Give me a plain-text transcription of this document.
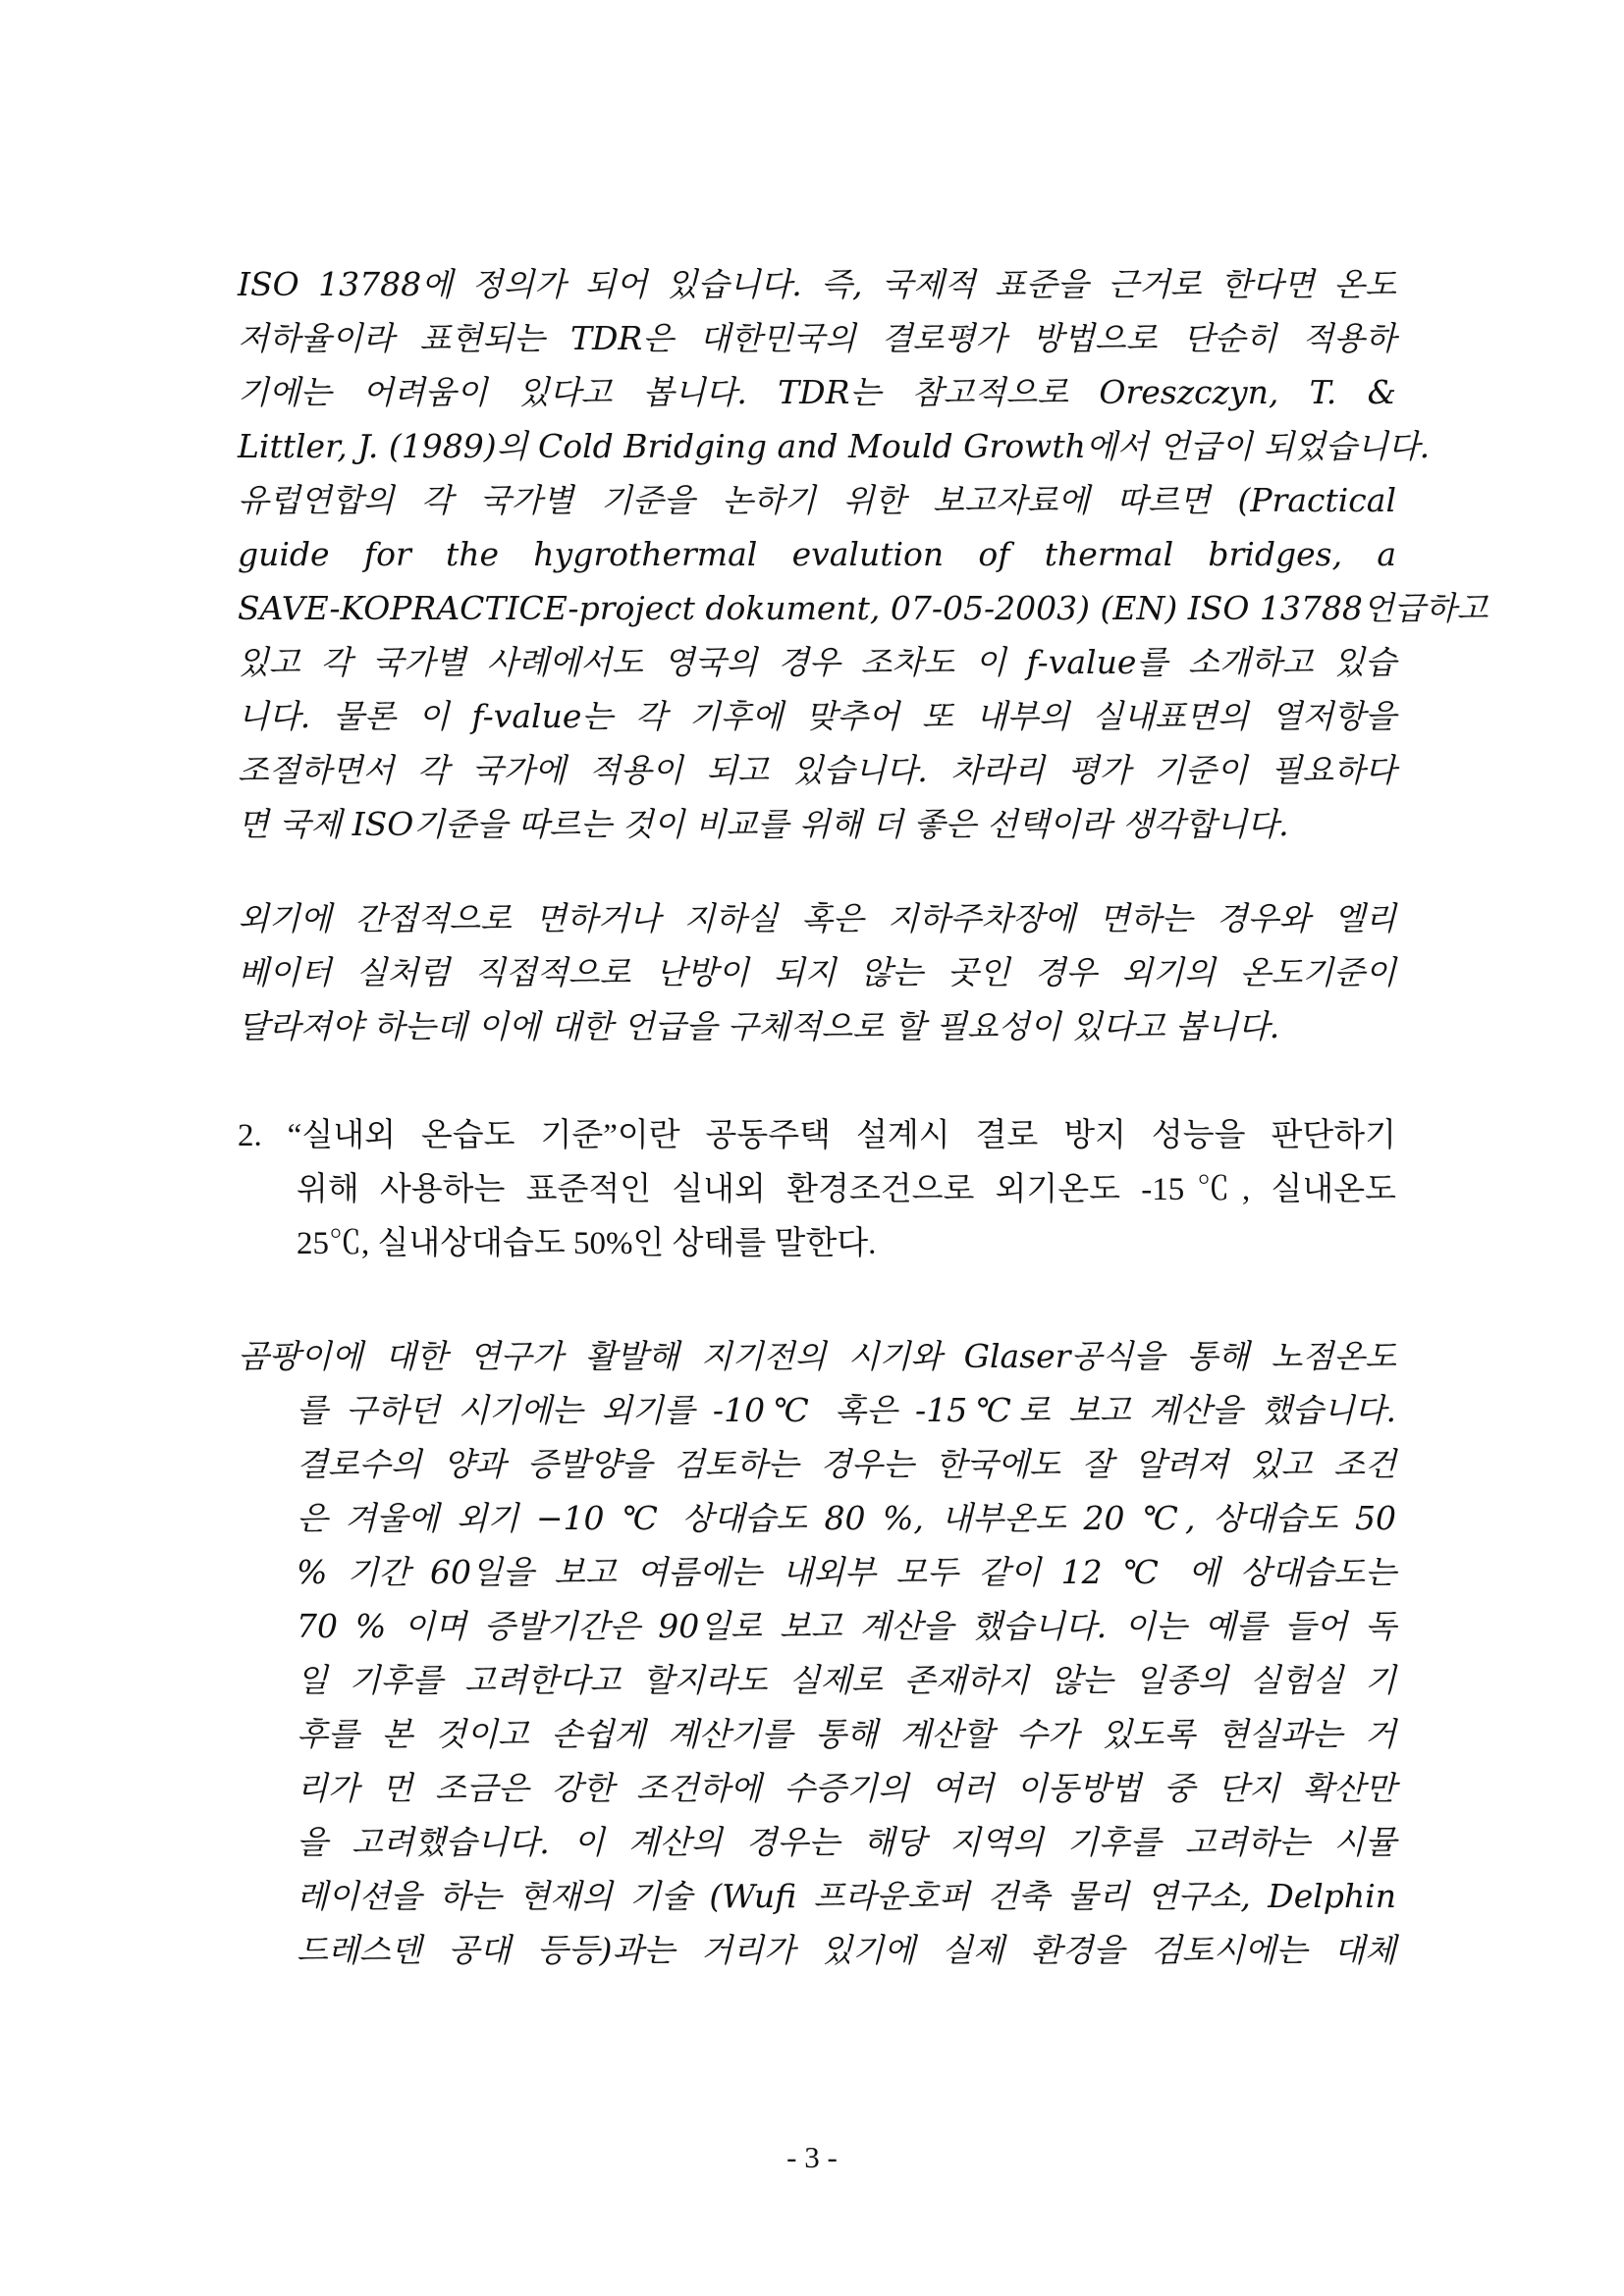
ISO 13788에 정의가 되어 있습니다. 즉, 국제적 표준을 근거로 한다면 온도
저하율이라 표현되는 TDR은 대한민국의 결로평가 방법으로 단순히 적용하
기에는 어려움이 있다고 봅니다. TDR는 참고적으로 Oreszczyn, T. &
Littler, J. (1989)의 Cold Bridging and Mould Growth에서 언급이 되었습니다.
유럽연합의 각 국가별 기준을 논하기 위한 보고자료에 따르면 (Practical
guide for the hygrothermal evalution of thermal bridges, a
SAVE-KOPRACTICE-project dokument, 07-05-2003) (EN) ISO 13788언급하고
있고 각 국가별 사례에서도 영국의 경우 조차도 이 f-value를 소개하고 있습
니다. 물론 이 f-value는 각 기후에 맞추어 또 내부의 실내표면의 열저항을
조절하면서 각 국가에 적용이 되고 있습니다. 차라리 평가 기준이 필요하다
면 국제 ISO기준을 따르는 것이 비교를 위해 더 좋은 선택이라 생각합니다.
외기에 간접적으로 면하거나 지하실 혹은 지하주차장에 면하는 경우와 엘리
베이터 실처럼 직접적으로 난방이 되지 않는 곳인 경우 외기의 온도기준이
달라져야 하는데 이에 대한 언급을 구체적으로 할 필요성이 있다고 봅니다.
2. “실내외 온습도 기준”이란 공동주택 설계시 결로 방지 성능을 판단하기
위해 사용하는 표준적인 실내외 환경조건으로 외기온도 -15℃, 실내온도
25℃, 실내상대습도 50%인 상태를 말한다.
곰팡이에 대한 연구가 활발해 지기전의 시기와 Glaser공식을 통해 노점온도
를 구하던 시기에는 외기를 -10℃ 혹은 -15℃로 보고 계산을 했습니다.
결로수의 양과 증발양을 검토하는 경우는 한국에도 잘 알려져 있고 조건
은 겨울에 외기 −10 ℃ 상대습도 80 %, 내부온도 20 ℃, 상대습도 50
% 기간 60일을 보고 여름에는 내외부 모두 같이 12 ℃ 에 상대습도는
70 % 이며 증발기간은 90일로 보고 계산을 했습니다. 이는 예를 들어 독
일 기후를 고려한다고 할지라도 실제로 존재하지 않는 일종의 실험실 기
후를 본 것이고 손쉽게 계산기를 통해 계산할 수가 있도록 현실과는 거
리가 먼 조금은 강한 조건하에 수증기의 여러 이동방법 중 단지 확산만
을 고려했습니다. 이 계산의 경우는 해당 지역의 기후를 고려하는 시뮬
레이션을 하는 현재의 기술 (Wufi 프라운호퍼 건축 물리 연구소, Delphin
드레스덴 공대 등등)과는 거리가 있기에 실제 환경을 검토시에는 대체
- 3 -
